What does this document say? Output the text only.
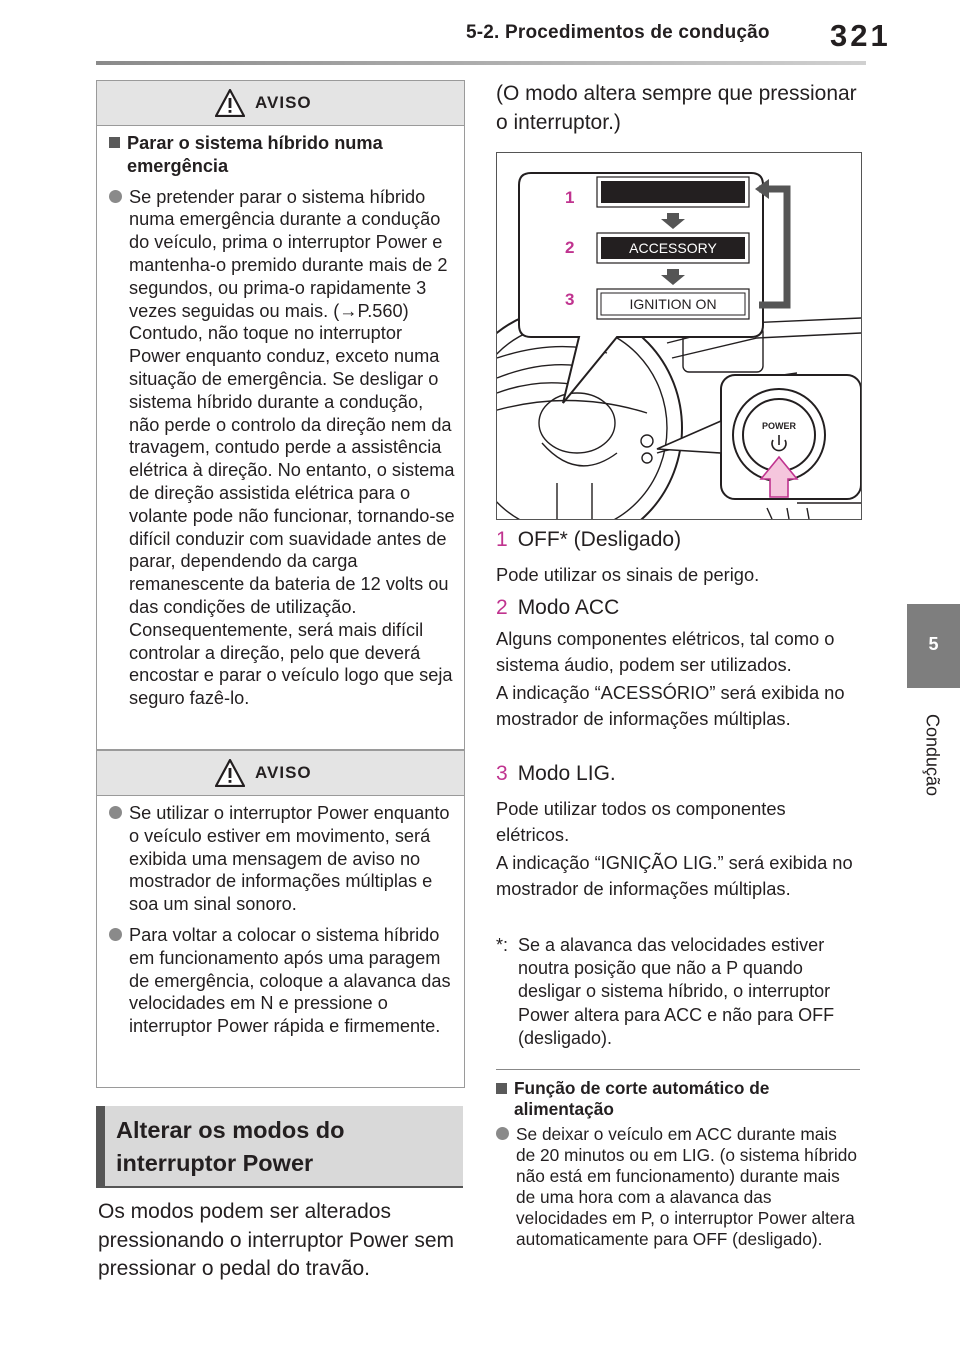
5-2. Procedimentos de condução 321
5
Condução
AVISO

Parar o sistema híbrido numa emergência

Se pretender parar o sistema híbrido numa emergência durante a condução do veículo, prima o interruptor Power e mantenha-o premido durante mais de 2 segundos, ou prima-o rapidamente 3 vezes seguidas ou mais. (→P.560) Contudo, não toque no interruptor Power enquanto conduz, exceto numa situação de emergência. Se desligar o sistema híbrido durante a condução, não perde o controlo da direção nem da travagem, contudo perde a assistência elétrica à direção. No entanto, o sistema de direção assistida elétrica para o volante pode não funcionar, tornando-se difícil conduzir com suavidade antes de parar, dependendo da carga remanescente da bateria de 12 volts ou das condições de utilização. Consequentemente, será mais difícil controlar a direção, pelo que deverá encostar e parar o veículo logo que seja seguro fazê-lo.

AVISO

Se utilizar o interruptor Power enquanto o veículo estiver em movimento, será exibida uma mensagem de aviso no mostrador de informações múltiplas e soa um sinal sonoro.

Para voltar a colocar o sistema híbrido em funcionamento após uma paragem de emergência, coloque a alavanca das velocidades em N e pressione o interruptor Power rápida e firmemente.

Alterar os modos do interruptor Power

Os modos podem ser alterados pressionando o interruptor Power sem pressionar o pedal do travão.

(O modo altera sempre que pressionar o interruptor.)

1
2
3
ACCESSORY
IGNITION ON
POWER
1 OFF* (Desligado)

Pode utilizar os sinais de perigo.

2 Modo ACC

Alguns componentes elétricos, tal como o sistema áudio, podem ser utilizados.

A indicação “ACESSÓRIO” será exibida no mostrador de informações múltiplas.

3 Modo LIG.

Pode utilizar todos os componentes elétricos.

A indicação “IGNIÇÃO LIG.” será exibida no mostrador de informações múltiplas.

*: Se a alavanca das velocidades estiver noutra posição que não a P quando desligar o sistema híbrido, o interruptor Power altera para ACC e não para OFF (desligado).

Função de corte automático de alimentação

Se deixar o veículo em ACC durante mais de 20 minutos ou em LIG. (o sistema híbrido não está em funcionamento) durante mais de uma hora com a alavanca das velocidades em P, o interruptor Power altera automaticamente para OFF (desligado).
